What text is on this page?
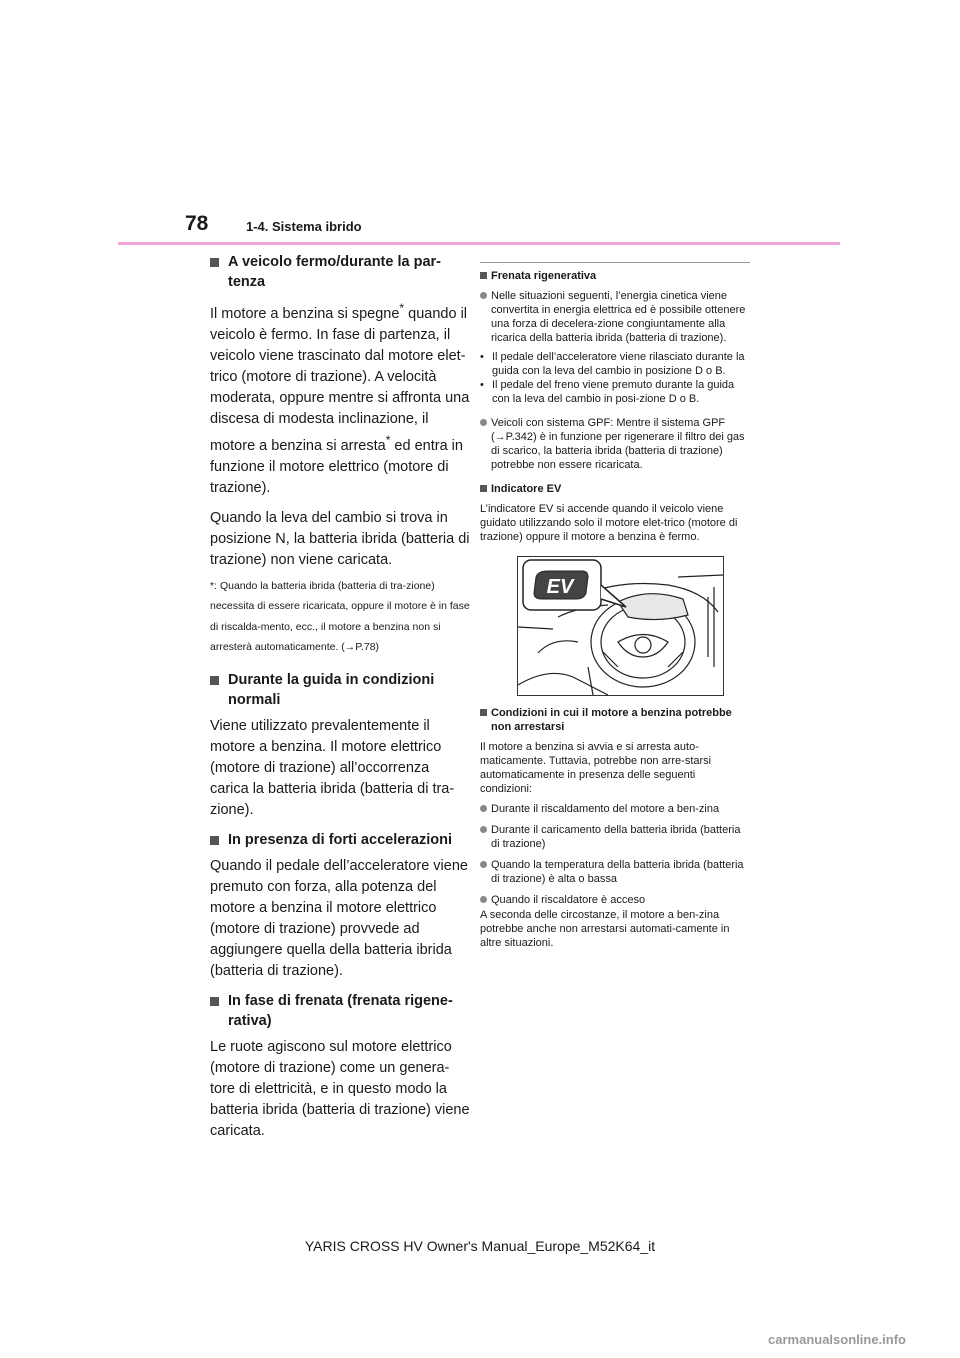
78	1-4. Sistema ibrido
A veicolo fermo/durante la par-tenza

Il motore a benzina si spegne* quando il veicolo è fermo. In fase di partenza, il veicolo viene trascinato dal motore elet-trico (motore di trazione). A velocità moderata, oppure mentre si affronta una discesa di modesta inclinazione, il motore a benzina si arresta* ed entra in funzione il motore elettrico (motore di trazione).

Quando la leva del cambio si trova in posizione N, la batteria ibrida (batteria di trazione) non viene caricata.

*: Quando la batteria ibrida (batteria di tra-zione) necessita di essere ricaricata, oppure il motore è in fase di riscalda-mento, ecc., il motore a benzina non si arresterà automaticamente. (→P.78)
Durante la guida in condizioni normali

Viene utilizzato prevalentemente il motore a benzina. Il motore elettrico (motore di trazione) all’occorrenza carica la batteria ibrida (batteria di tra-zione).

In presenza di forti accelerazioni

Quando il pedale dell’acceleratore viene premuto con forza, alla potenza del motore a benzina il motore elettrico (motore di trazione) provvede ad aggiungere quella della batteria ibrida (batteria di trazione).

In fase di frenata (frenata rigene-rativa)

Le ruote agiscono sul motore elettrico (motore di trazione) come un genera-tore di elettricità, e in questo modo la batteria ibrida (batteria di trazione) viene caricata.

Frenata rigenerativa
Nelle situazioni seguenti, l’energia cinetica viene convertita in energia elettrica ed è possibile ottenere una forza di decelera-zione congiuntamente alla ricarica della batteria ibrida (batteria di trazione).
• Il pedale dell’acceleratore viene rilasciato durante la guida con la leva del cambio in posizione D o B.
• Il pedale del freno viene premuto durante la guida con la leva del cambio in posi-zione D o B.
Veicoli con sistema GPF: Mentre il sistema GPF (→P.342) è in funzione per rigenerare il filtro dei gas di scarico, la batteria ibrida (batteria di trazione) potrebbe non essere ricaricata.
Indicatore EV

L’indicatore EV si accende quando il veicolo viene guidato utilizzando solo il motore elet-trico (motore di trazione) oppure il motore a benzina è fermo.

EV
Condizioni in cui il motore a benzina potrebbe non arrestarsi

Il motore a benzina si avvia e si arresta auto-maticamente. Tuttavia, potrebbe non arre-starsi automaticamente in presenza delle seguenti condizioni:

Durante il riscaldamento del motore a ben-zina
Durante il caricamento della batteria ibrida (batteria di trazione)
Quando la temperatura della batteria ibrida (batteria di trazione) è alta o bassa
Quando il riscaldatore è acceso

A seconda delle circostanze, il motore a ben-zina potrebbe anche non arrestarsi automati-camente in altre situazioni.

YARIS CROSS HV Owner's Manual_Europe_M52K64_it
carmanualsonline.info
